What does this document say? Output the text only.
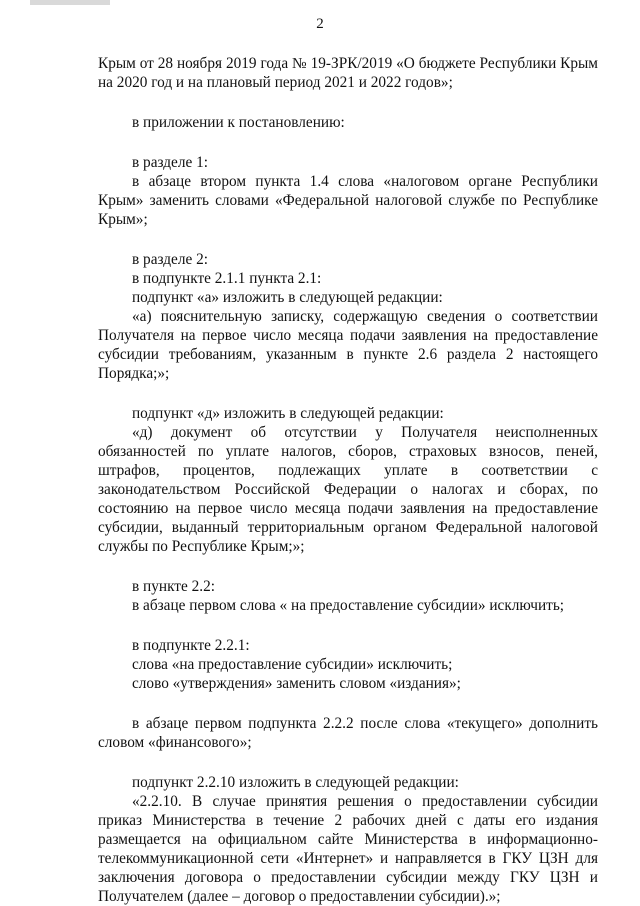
2

Крым от 28 ноября 2019 года № 19-ЗРК/2019 «О бюджете Республики Крым на 2020 год и на плановый период 2021 и 2022 годов»;

в приложении к постановлению:

в разделе 1:

в абзаце втором пункта 1.4 слова «налоговом органе Республики Крым» заменить словами «Федеральной налоговой службе по Республике Крым»;

в разделе 2:

в подпункте 2.1.1 пункта 2.1:

подпункт «а» изложить в следующей редакции:

«а) пояснительную записку, содержащую сведения о соответствии Получателя на первое число месяца подачи заявления на предоставление субсидии требованиям, указанным в пункте 2.6 раздела 2 настоящего Порядка;»;

подпункт «д» изложить в следующей редакции:

«д) документ об отсутствии у Получателя неисполненных обязанностей по уплате налогов, сборов, страховых взносов, пеней, штрафов, процентов, подлежащих уплате в соответствии с законодательством Российской Федерации о налогах и сборах, по состоянию на первое число месяца подачи заявления на предоставление субсидии, выданный территориальным органом Федеральной налоговой службы по Республике Крым;»;

в пункте 2.2:

в абзаце первом слова « на предоставление субсидии» исключить;

в подпункте 2.2.1:

слова «на предоставление субсидии» исключить;

слово «утверждения» заменить словом «издания»;

в абзаце первом подпункта 2.2.2 после слова «текущего» дополнить словом «финансового»;

подпункт 2.2.10 изложить в следующей редакции:

«2.2.10. В случае принятия решения о предоставлении субсидии приказ Министерства в течение 2 рабочих дней с даты его издания размещается на официальном сайте Министерства в информационно-телекоммуникационной сети «Интернет» и направляется в ГКУ ЦЗН для заключения договора о предоставлении субсидии между ГКУ ЦЗН и Получателем (далее – договор о предоставлении субсидии).»;
